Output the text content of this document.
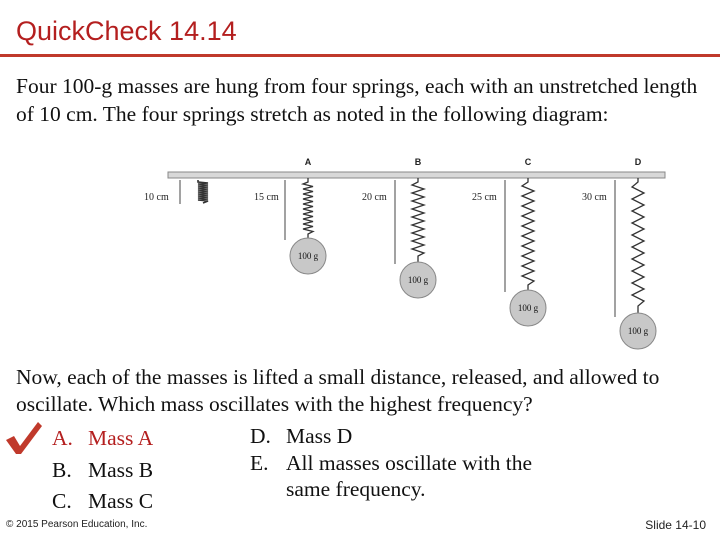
QuickCheck 14.14
Four 100-g masses are hung from four springs, each with an unstretched length of 10 cm. The four springs stretch as noted in the following diagram:
A	B	C	D
10 cm	15 cm
100 g
20 cm
100 g
25 cm
100 g
30 cm
100 g
Now, each of the masses is lifted a small distance, released, and allowed to oscillate. Which mass oscillates with the highest frequency?
A. Mass A
B. Mass B
C. Mass C
D. Mass D
E. All masses oscillate with the same frequency.
© 2015 Pearson Education, Inc.	Slide 14-10
